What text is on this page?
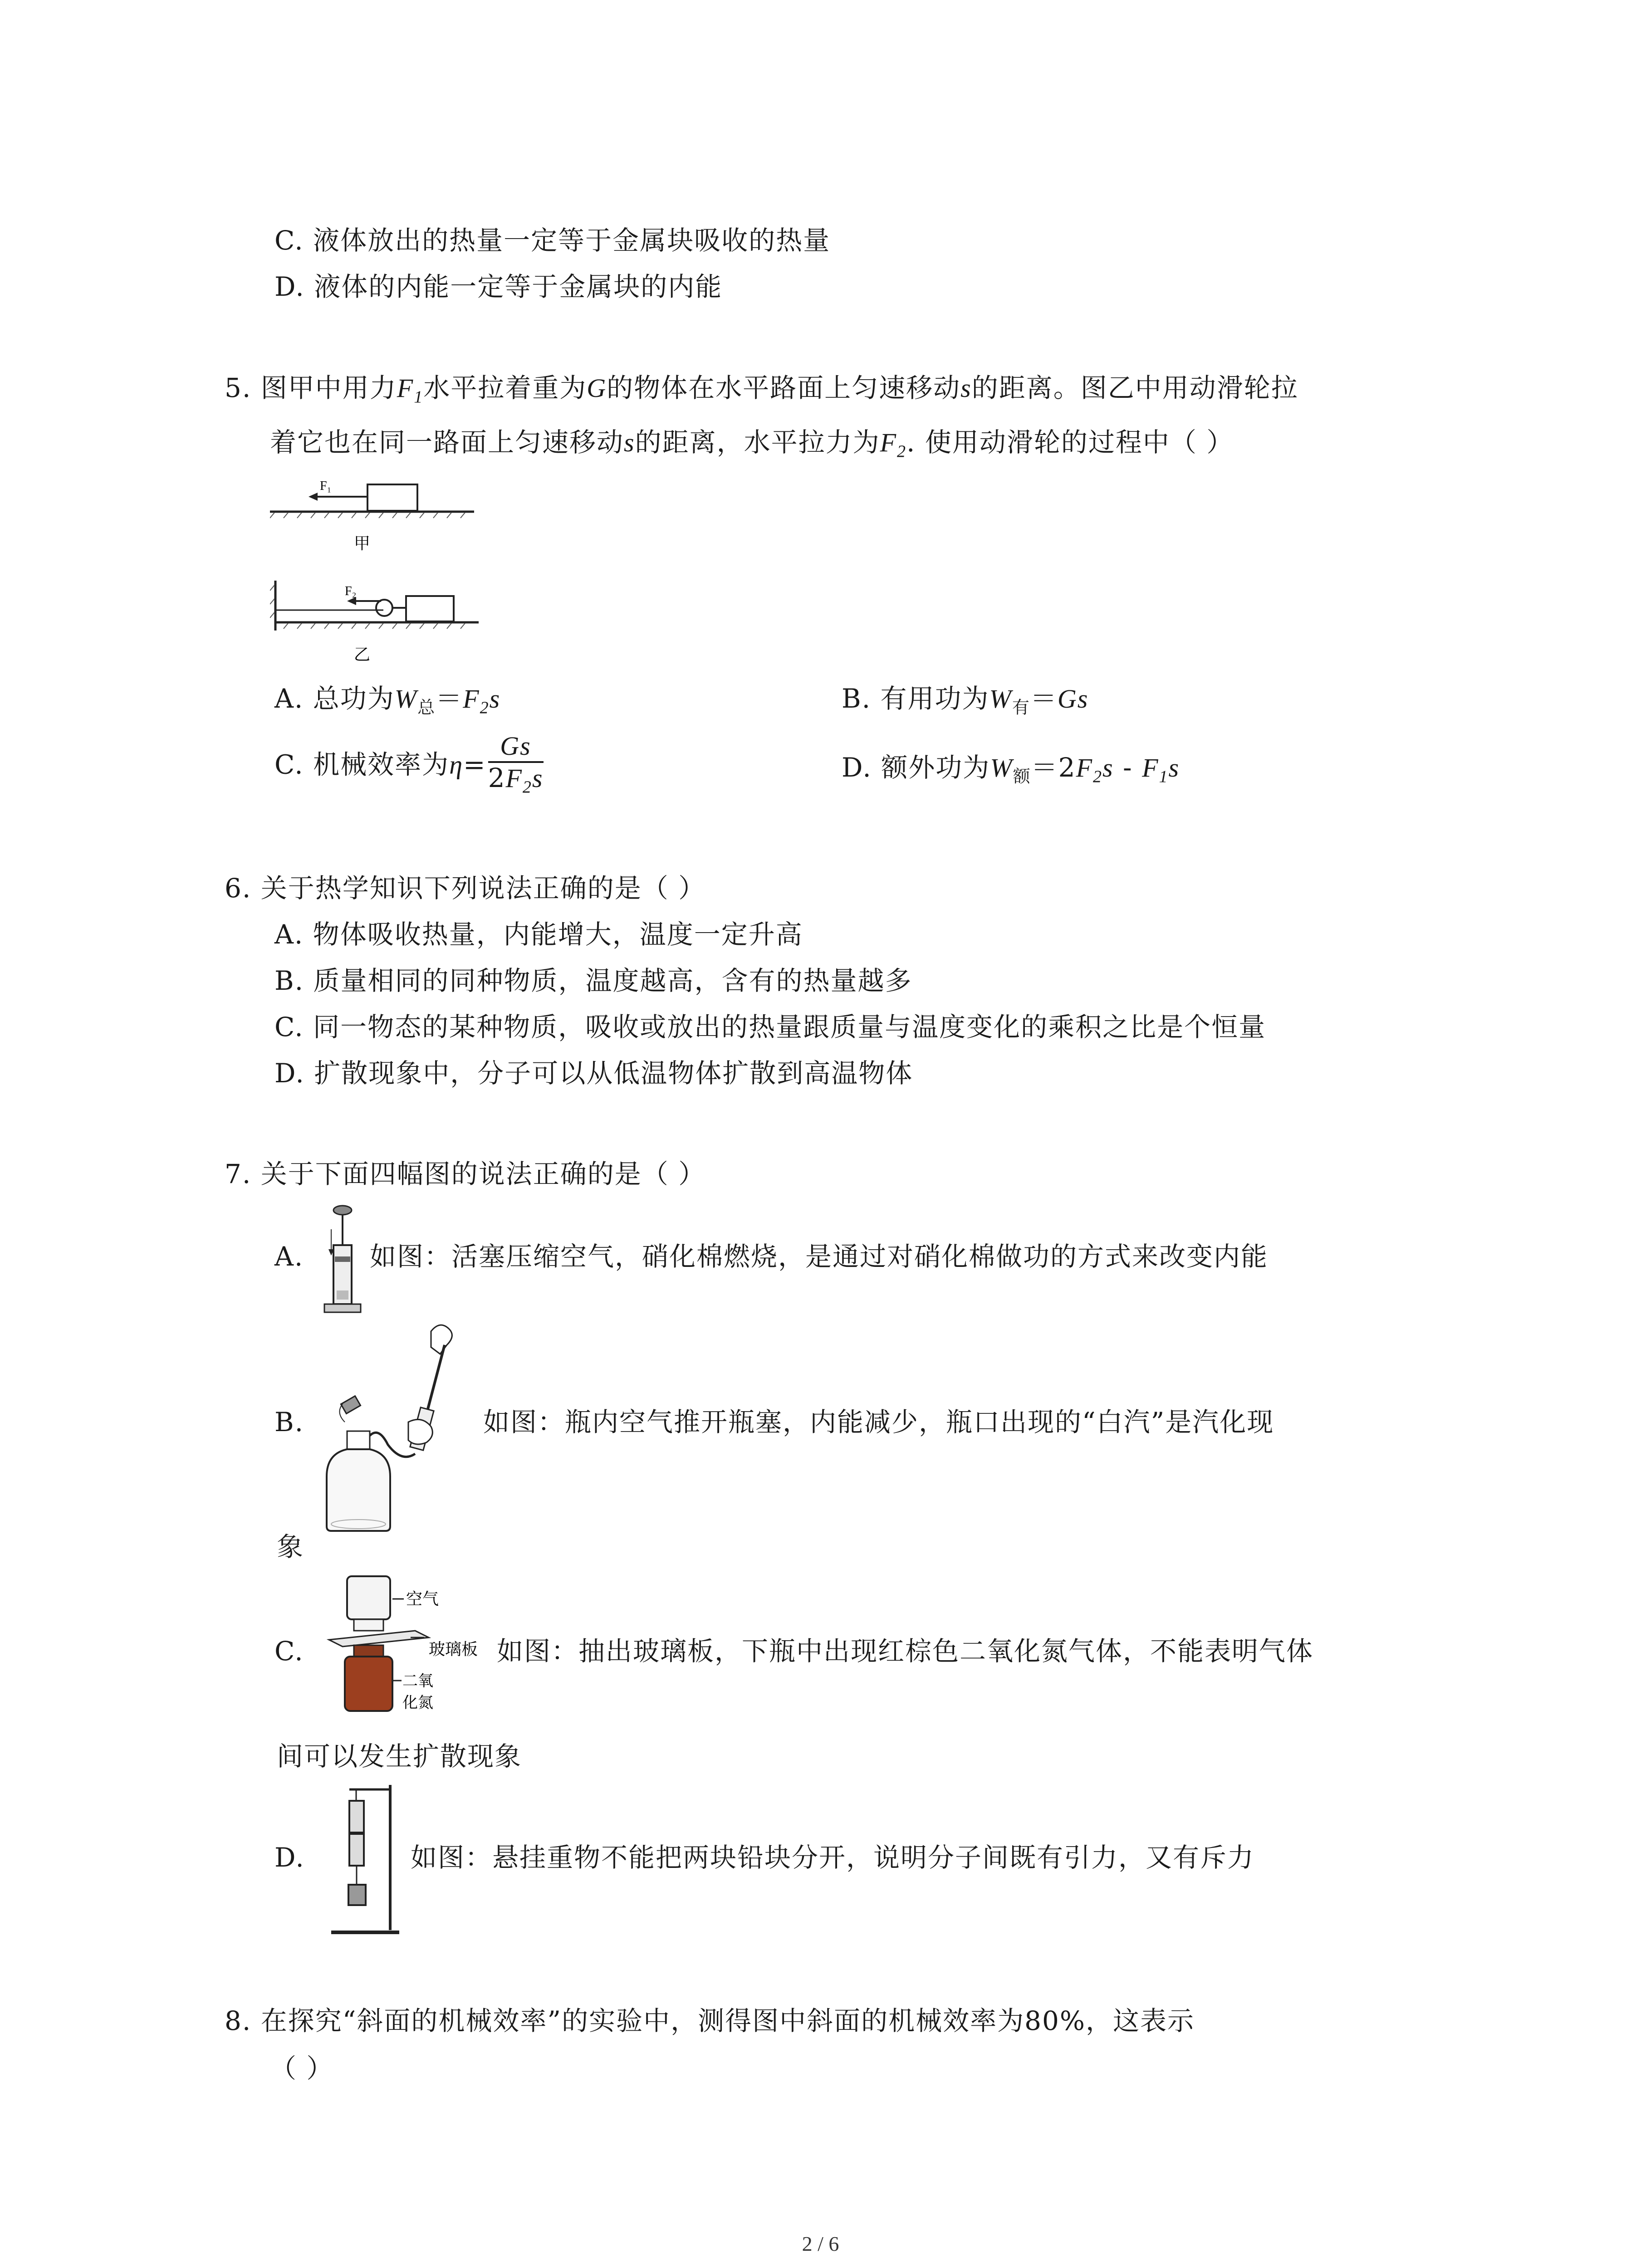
C. 液体放出的热量一定等于金属块吸收的热量
D. 液体的内能一定等于金属块的内能
5. 图甲中用力$F_1$水平拉着重为G的物体在水平路面上匀速移动s的距离。图乙中用动滑轮拉
着它也在同一路面上匀速移动s的距离，水平拉力为$F_2$. 使用动滑轮的过程中（ ）
F₁
甲
F₂
乙
A. 总功为$W_总=F_2s$	B. 有用功为$W_有=Gs$
C. 机械效率为$\eta= \frac{Gs}{2F_2s}$	D. 额外功为$W_额=2F_2s - F_1s$
6. 关于热学知识下列说法正确的是（ ）
A. 物体吸收热量，内能增大，温度一定升高
B. 质量相同的同种物质，温度越高，含有的热量越多
C. 同一物态的某种物质，吸收或放出的热量跟质量与温度变化的乘积之比是个恒量
D. 扩散现象中，分子可以从低温物体扩散到高温物体
7. 关于下面四幅图的说法正确的是（ ）
A.	如图：活塞压缩空气，硝化棉燃烧，是通过对硝化棉做功的方式来改变内能
B.	如图：瓶内空气推开瓶塞，内能减少，瓶口出现的“白汽”是汽化现
象
C.
空气
二氧
化氮
玻璃板 如图：抽出玻璃板，下瓶中出现红棕色二氧化氮气体，不能表明气体
间可以发生扩散现象
D.	如图：悬挂重物不能把两块铅块分开，说明分子间既有引力，又有斥力
8. 在探究“斜面的机械效率”的实验中，测得图中斜面的机械效率为80%，这表示
（ ）
2 / 6
